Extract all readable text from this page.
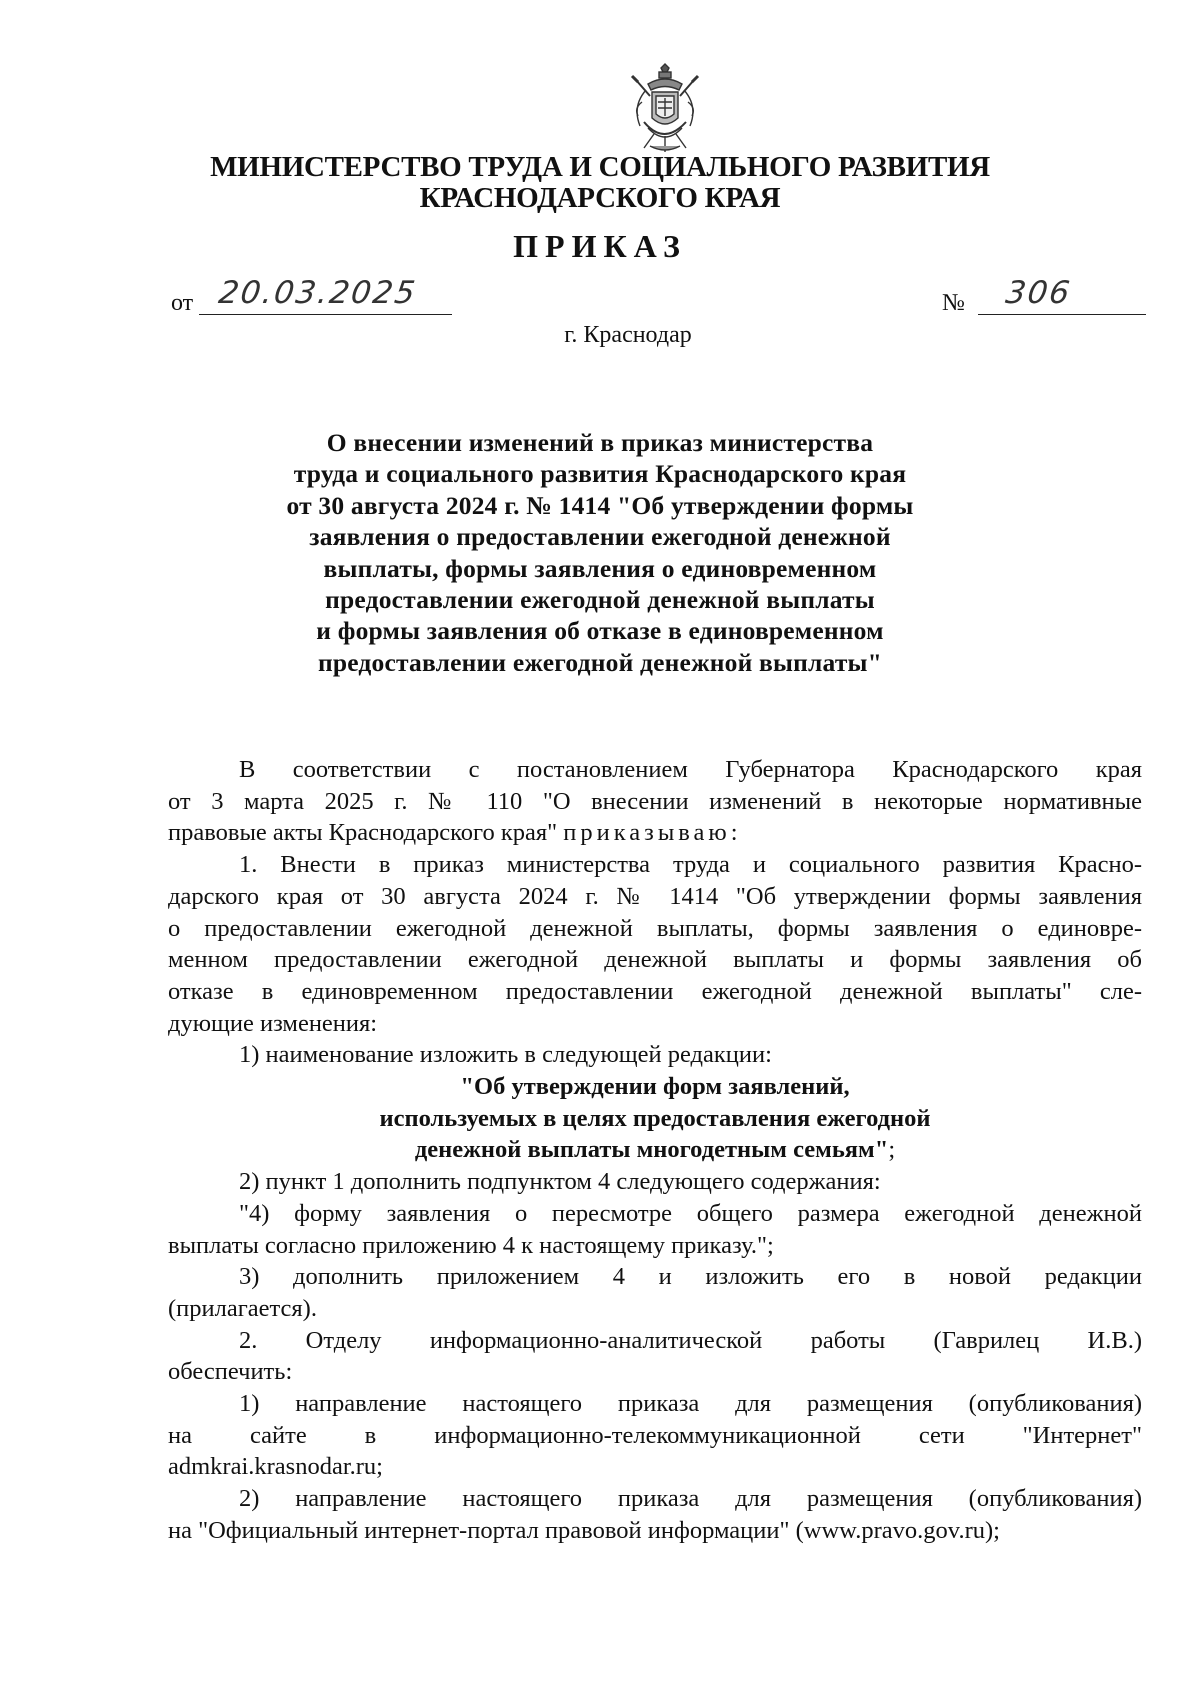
МИНИСТЕРСТВО ТРУДА И СОЦИАЛЬНОГО РАЗВИТИЯ
КРАСНОДАРСКОГО КРАЯ
ПРИКАЗ
от 20.03.2025	№ 306
г. Краснодар
О внесении изменений в приказ министерства
труда и социального развития Краснодарского края
от 30 августа 2024 г. № 1414 "Об утверждении формы
заявления о предоставлении ежегодной денежной
выплаты, формы заявления о единовременном
предоставлении ежегодной денежной выплаты
и формы заявления об отказе в единовременном
предоставлении ежегодной денежной выплаты"
В соответствии с постановлением Губернатора Краснодарского края
от 3 марта 2025 г. № 110 "О внесении изменений в некоторые нормативные
правовые акты Краснодарского края" приказываю:
1. Внести в приказ министерства труда и социального развития Красно-
дарского края от 30 августа 2024 г. № 1414 "Об утверждении формы заявления
о предоставлении ежегодной денежной выплаты, формы заявления о единовре-
менном предоставлении ежегодной денежной выплаты и формы заявления об
отказе в единовременном предоставлении ежегодной денежной выплаты" сле-
дующие изменения:
1) наименование изложить в следующей редакции:
"Об утверждении форм заявлений,
используемых в целях предоставления ежегодной
денежной выплаты многодетным семьям";
2) пункт 1 дополнить подпунктом 4 следующего содержания:
"4) форму заявления о пересмотре общего размера ежегодной денежной
выплаты согласно приложению 4 к настоящему приказу.";
3) дополнить приложением 4 и изложить его в новой редакции
(прилагается).
2. Отделу информационно-аналитической работы (Гаврилец И.В.)
обеспечить:
1) направление настоящего приказа для размещения (опубликования)
на сайте в информационно-телекоммуникационной сети "Интернет"
admkrai.krasnodar.ru;
2) направление настоящего приказа для размещения (опубликования)
на "Официальный интернет-портал правовой информации" (www.pravo.gov.ru);
